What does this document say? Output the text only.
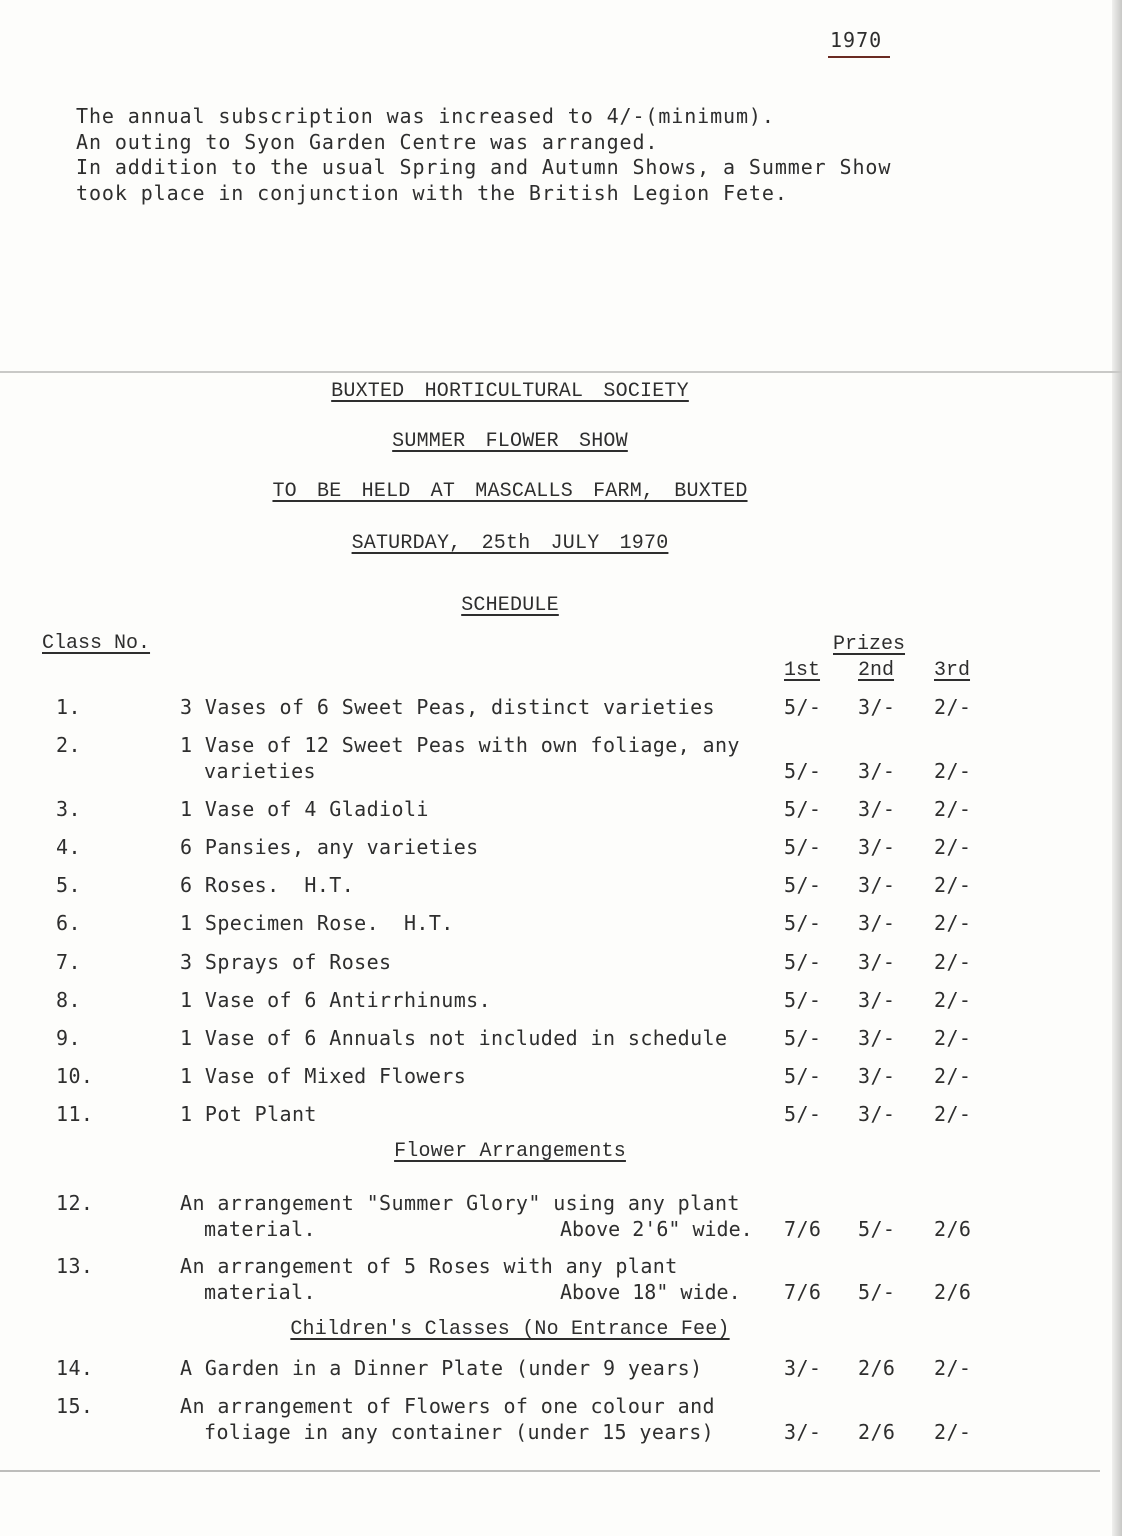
1970
The annual subscription was increased to 4/-(minimum).
An outing to Syon Garden Centre was arranged.
In addition to the usual Spring and Autumn Shows, a Summer Show
took place in conjunction with the British Legion Fete.
BUXTED HORTICULTURAL SOCIETY
SUMMER FLOWER SHOW
TO BE HELD AT MASCALLS FARM, BUXTED
SATURDAY, 25th JULY 1970
SCHEDULE
Class No.	Prizes
1st 2nd 3rd
1.	3 Vases of 6 Sweet Peas, distinct varieties	5/- 3/- 2/-
2.	1 Vase of 12 Sweet Peas with own foliage, any
varieties	5/- 3/- 2/-
3.	1 Vase of 4 Gladioli	5/- 3/- 2/-
4.	6 Pansies, any varieties	5/- 3/- 2/-
5.	6 Roses.  H.T.	5/- 3/- 2/-
6.	1 Specimen Rose.  H.T.	5/- 3/- 2/-
7.	3 Sprays of Roses	5/- 3/- 2/-
8.	1 Vase of 6 Antirrhinums.	5/- 3/- 2/-
9.	1 Vase of 6 Annuals not included in schedule	5/- 3/- 2/-
10.	1 Vase of Mixed Flowers	5/- 3/- 2/-
11.	1 Pot Plant	5/- 3/- 2/-
Flower Arrangements
12.	An arrangement "Summer Glory" using any plant
material.	Above 2'6" wide. 7/6 5/- 2/6
13.	An arrangement of 5 Roses with any plant
material.	Above 18" wide. 7/6 5/- 2/6
Children's Classes (No Entrance Fee)
14.	A Garden in a Dinner Plate (under 9 years)	3/- 2/6 2/-
15.	An arrangement of Flowers of one colour and
foliage in any container (under 15 years)	3/- 2/6 2/-
